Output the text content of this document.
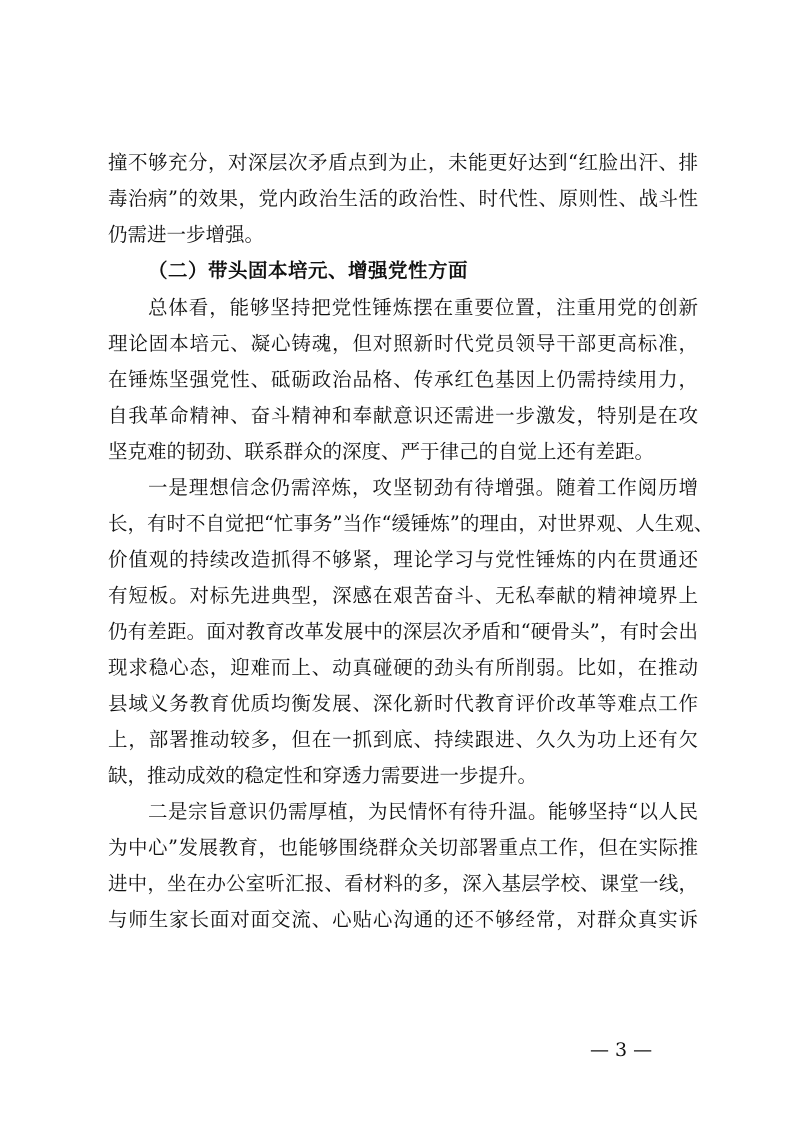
撞不够充分，对深层次矛盾点到为止，未能更好达到“红脸出汗、排
毒治病”的效果，党内政治生活的政治性、时代性、原则性、战斗性
仍需进一步增强。
（二）带头固本培元、增强党性方面
总体看，能够坚持把党性锤炼摆在重要位置，注重用党的创新
理论固本培元、凝心铸魂，但对照新时代党员领导干部更高标准，
在锤炼坚强党性、砥砺政治品格、传承红色基因上仍需持续用力，
自我革命精神、奋斗精神和奉献意识还需进一步激发，特别是在攻
坚克难的韧劲、联系群众的深度、严于律己的自觉上还有差距。
一是理想信念仍需淬炼，攻坚韧劲有待增强。随着工作阅历增
长，有时不自觉把“忙事务”当作“缓锤炼”的理由，对世界观、人生观、
价值观的持续改造抓得不够紧，理论学习与党性锤炼的内在贯通还
有短板。对标先进典型，深感在艰苦奋斗、无私奉献的精神境界上
仍有差距。面对教育改革发展中的深层次矛盾和“硬骨头”，有时会出
现求稳心态，迎难而上、动真碰硬的劲头有所削弱。比如，在推动
县域义务教育优质均衡发展、深化新时代教育评价改革等难点工作
上，部署推动较多，但在一抓到底、持续跟进、久久为功上还有欠
缺，推动成效的稳定性和穿透力需要进一步提升。
二是宗旨意识仍需厚植，为民情怀有待升温。能够坚持“以人民
为中心”发展教育，也能够围绕群众关切部署重点工作，但在实际推
进中，坐在办公室听汇报、看材料的多，深入基层学校、课堂一线，
与师生家长面对面交流、心贴心沟通的还不够经常，对群众真实诉
— 3 —
